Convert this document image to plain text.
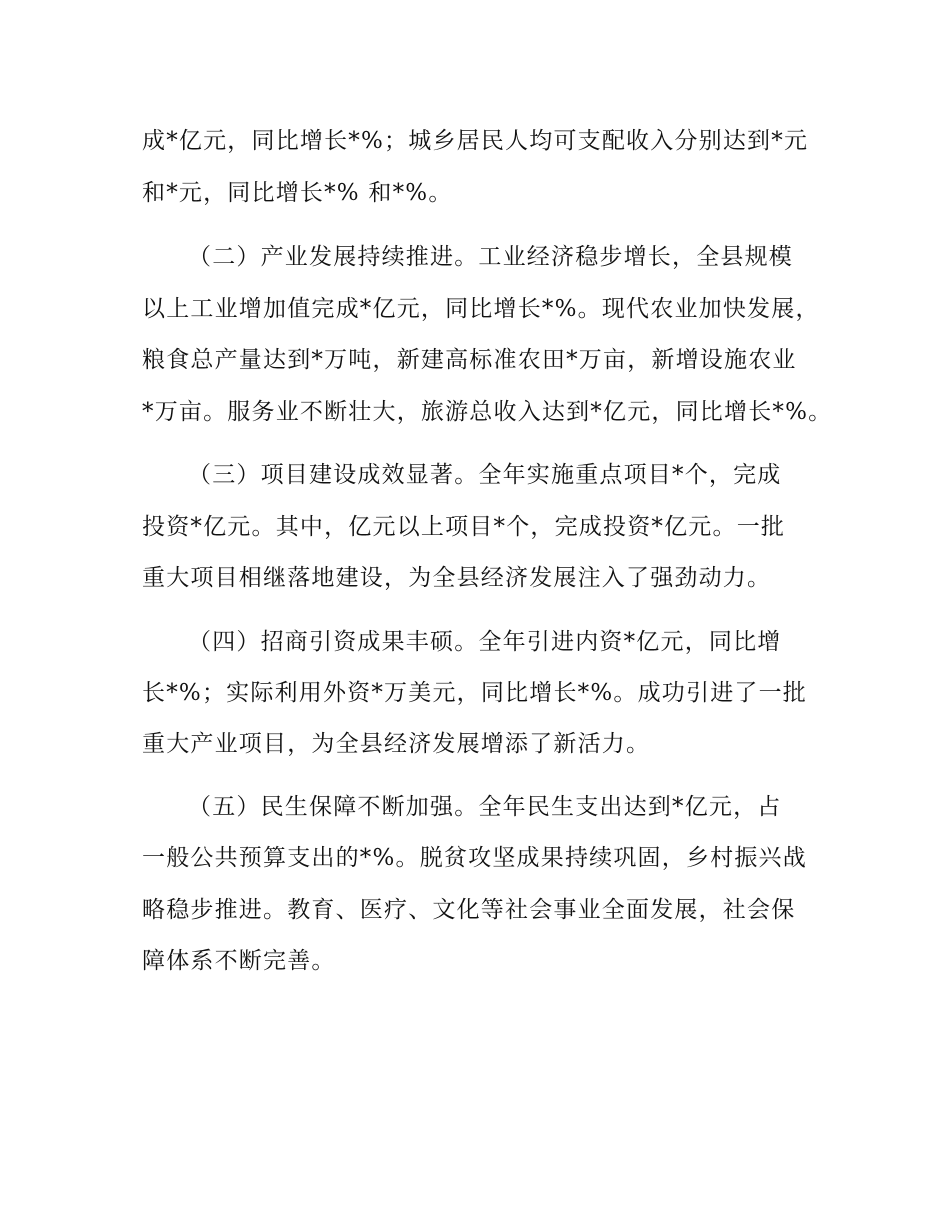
成*亿元，同比增长*%；城乡居民人均可支配收入分别达到*元

和*元，同比增长*% 和*%。

（二）产业发展持续推进。工业经济稳步增长，全县规模

以上工业增加值完成*亿元，同比增长*%。现代农业加快发展，

粮食总产量达到*万吨，新建高标准农田*万亩，新增设施农业

*万亩。服务业不断壮大，旅游总收入达到*亿元，同比增长*%。

（三）项目建设成效显著。全年实施重点项目*个，完成

投资*亿元。其中，亿元以上项目*个，完成投资*亿元。一批

重大项目相继落地建设，为全县经济发展注入了强劲动力。

（四）招商引资成果丰硕。全年引进内资*亿元，同比增

长*%；实际利用外资*万美元，同比增长*%。成功引进了一批

重大产业项目，为全县经济发展增添了新活力。

（五）民生保障不断加强。全年民生支出达到*亿元，占

一般公共预算支出的*%。脱贫攻坚成果持续巩固，乡村振兴战

略稳步推进。教育、医疗、文化等社会事业全面发展，社会保

障体系不断完善。
